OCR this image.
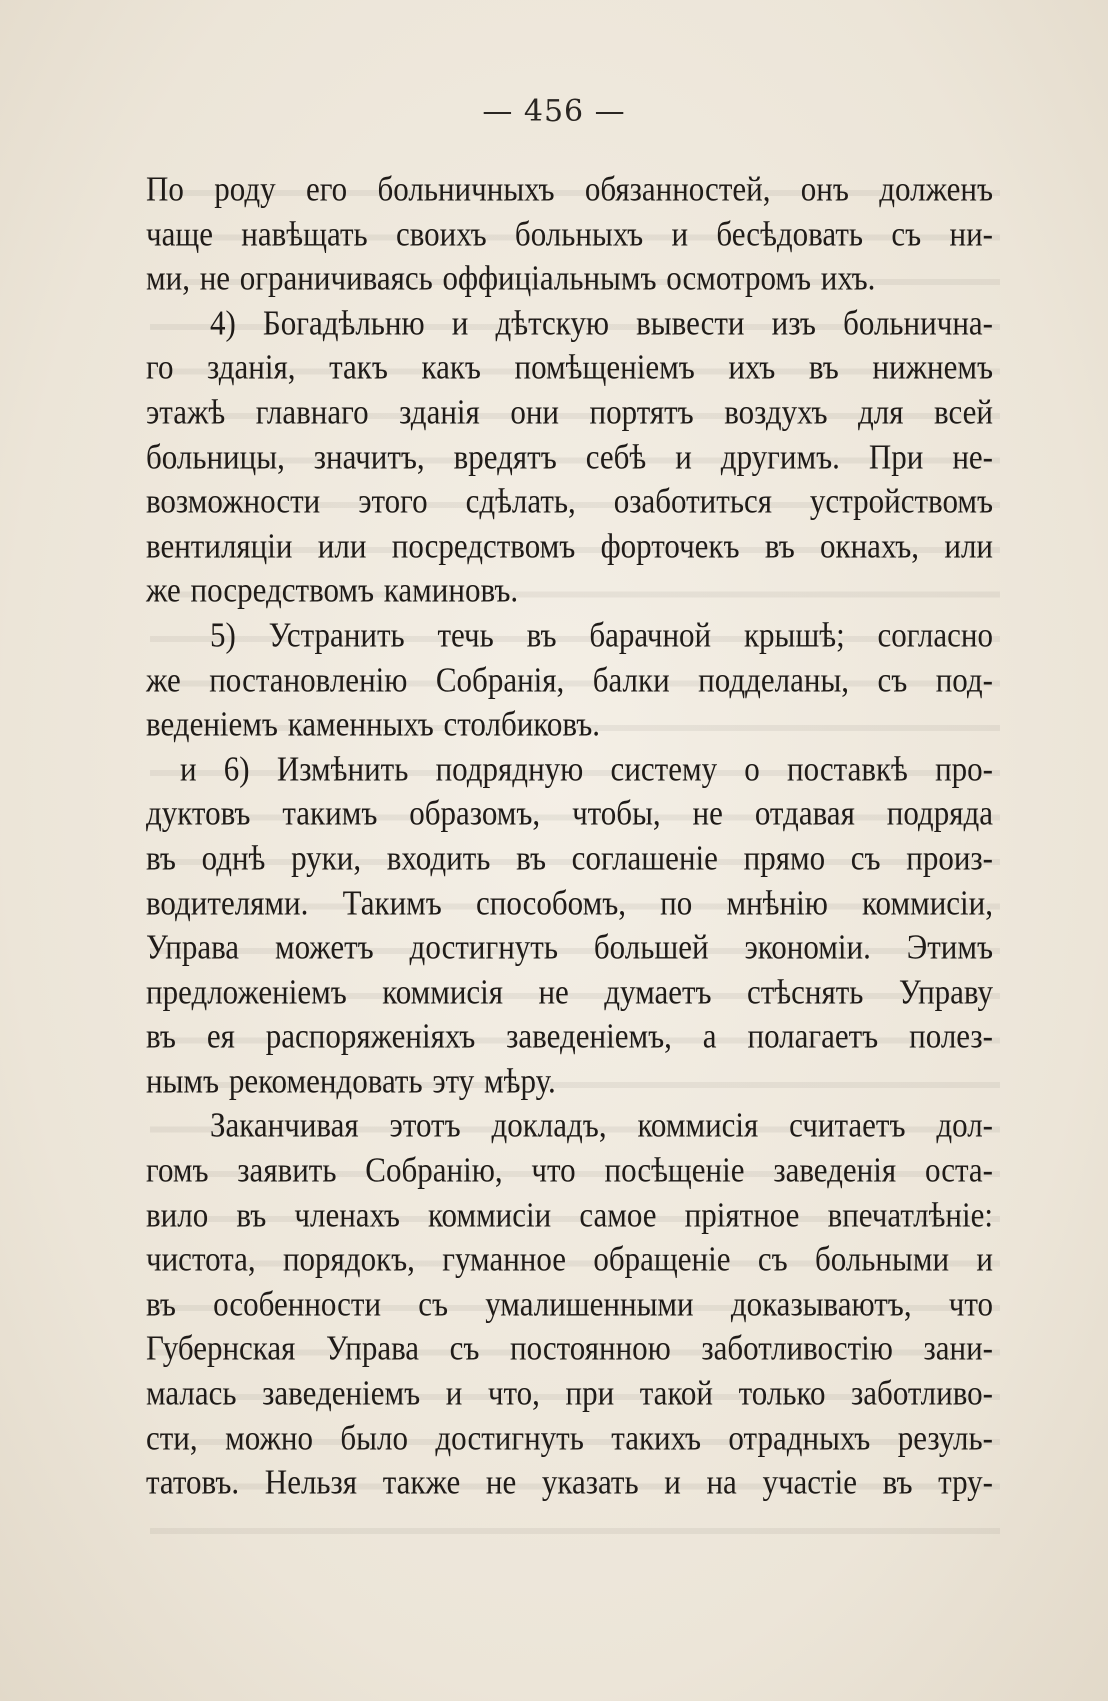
— 456 —
По роду его больничныхъ обязанностей, онъ долженъ
чаще навѣщать своихъ больныхъ и бесѣдовать съ ни-
ми, не ограничиваясь оффиціальнымъ осмотромъ ихъ.
4) Богадѣльню и дѣтскую вывести изъ больнична-
го зданія, такъ какъ помѣщеніемъ ихъ въ нижнемъ
этажѣ главнаго зданія они портятъ воздухъ для всей
больницы, значитъ, вредятъ себѣ и другимъ. При не-
возможности этого сдѣлать, озаботиться устройствомъ
вентиляціи или посредствомъ форточекъ въ окнахъ, или
же посредствомъ каминовъ.
5) Устранить течь въ барачной крышѣ; согласно
же постановленію Собранія, балки подделаны, съ под-
веденіемъ каменныхъ столбиковъ.
и 6) Измѣнить подрядную систему о поставкѣ про-
дуктовъ такимъ образомъ, чтобы, не отдавая подряда
въ однѣ руки, входить въ соглашеніе прямо съ произ-
водителями. Такимъ способомъ, по мнѣнію коммисіи,
Управа можетъ достигнуть большей экономіи. Этимъ
предложеніемъ коммисія не думаетъ стѣснять Управу
въ ея распоряженіяхъ заведеніемъ, а полагаетъ полез-
нымъ рекомендовать эту мѣру.
Заканчивая этотъ докладъ, коммисія считаетъ дол-
гомъ заявить Собранію, что посѣщеніе заведенія оста-
вило въ членахъ коммисіи самое пріятное впечатлѣніе:
чистота, порядокъ, гуманное обращеніе съ больными и
въ особенности съ умалишенными доказываютъ, что
Губернская Управа съ постоянною заботливостію зани-
малась заведеніемъ и что, при такой только заботливо-
сти, можно было достигнуть такихъ отрадныхъ резуль-
татовъ. Нельзя также не указать и на участіе въ тру-
